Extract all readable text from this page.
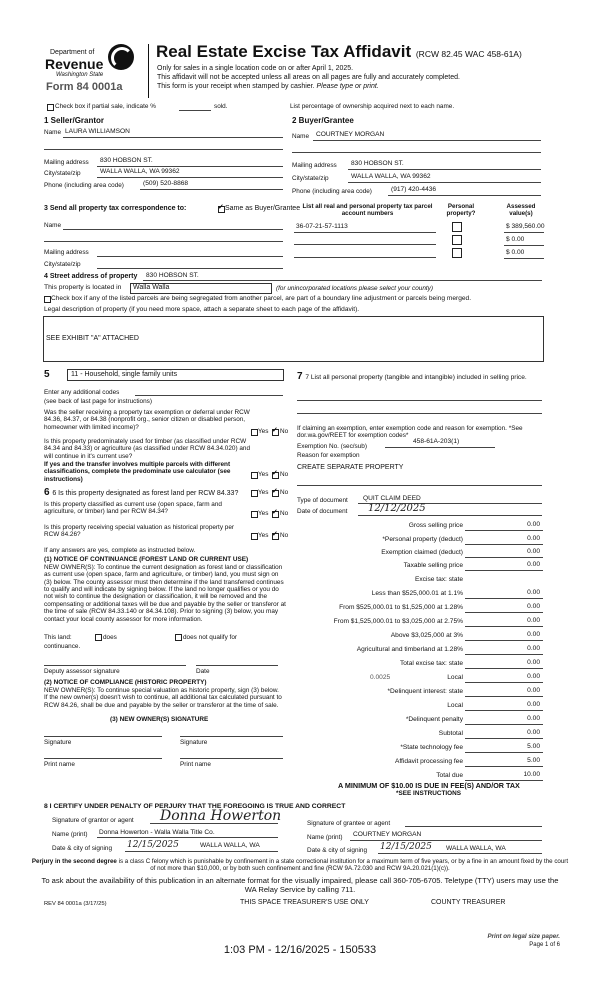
Department of
Revenue
Washington State
Form 84 0001a
Real Estate Excise Tax Affidavit (RCW 82.45 WAC 458-61A)
Only for sales in a single location code on or after April 1, 2025.
This affidavit will not be accepted unless all areas on all pages are fully and accurately completed.
This form is your receipt when stamped by cashier. Please type or print.
Check box if partial sale, indicate %	sold.	List percentage of ownership acquired next to each name.
1 Seller/Grantor
Name LAURA WILLIAMSON
Mailing address 830 HOBSON ST.
City/state/zip	WALLA WALLA, WA 99362
Phone (including area code)	(509) 520-8868
2 Buyer/Grantee
Name COURTNEY MORGAN
Mailing address 830 HOBSON ST.
City/state/zip	WALLA WALLA, WA 99362
Phone (including area code)	(917) 420-4436
3 Send all property tax correspondence to: ✓	Same as Buyer/Grantee
Name
Mailing address
City/state/zip
List all real and personal property tax parcel account numbers
Personal property?
Assessed value(s)
36-07-21-57-1113	$ 389,560.00
$ 0.00
$ 0.00
4 Street address of property 830 HOBSON ST.
This property is located in Walla Walla	(for unincorporated locations please select your county)
Check box if any of the listed parcels are being segregated from another parcel, are part of a boundary line adjustment or parcels being merged.
Legal description of property (if you need more space, attach a separate sheet to each page of the affidavit).
SEE EXHIBIT "A" ATTACHED
5	11 - Household, single family units
Enter any additional codes
(see back of last page for instructions)
Was the seller receiving a property tax exemption or deferral under RCW 84.36, 84.37, or 84.38 (nonprofit org., senior citizen or disabled person, homeowner with limited income)?
Yes ✓ No
Is this property predominately used for timber (as classified under RCW 84.34 and 84.33) or agriculture (as classified under RCW 84.34.020) and will continue in it's current use?
If yes and the transfer involves multiple parcels with different classifications, complete the predominate use calculator (see instructions)
Yes ✓ No
6 6 Is this property designated as forest land per RCW 84.33?	Yes ✓ No
Is this property classified as current use (open space, farm and agriculture, or timber) land per RCW 84.34?	Yes ✓ No
Is this property receiving special valuation as historical property per RCW 84.26?	Yes ✓ No
If any answers are yes, complete as instructed below.
(1) NOTICE OF CONTINUANCE (FOREST LAND OR CURRENT USE)
NEW OWNER(S): To continue the current designation as forest land or classification as current use (open space, farm and agriculture, or timber) land, you must sign on (3) below. The county assessor must then determine if the land transferred continues to qualify and will indicate by signing below. If the land no longer qualifies or you do not wish to continue the designation or classification, it will be removed and the compensating or additional taxes will be due and payable by the seller or transferor at the time of sale (RCW 84.33.140 or 84.34.108). Prior to signing (3) below, you may contact your local county assessor for more information.
This land:	does	does not qualify for
continuance.
Deputy assessor signature	Date
(2) NOTICE OF COMPLIANCE (HISTORIC PROPERTY)
NEW OWNER(S): To continue special valuation as historic property, sign (3) below. If the new owner(s) doesn't wish to continue, all additional tax calculated pursuant to RCW 84.26, shall be due and payable by the seller or transferor at the time of sale.
(3) NEW OWNER(S) SIGNATURE
Signature	Signature
Print name	Print name
7 7 List all personal property (tangible and intangible) included in selling price.
If claiming an exemption, enter exemption code and reason for exemption. *See dor.wa.gov/REET for exemption codes*
Exemption No. (sec/sub)
458-61A-203(1)
Reason for exemption
CREATE SEPARATE PROPERTY
Type of document QUIT CLAIM DEED
Date of document 12/12/2025
Gross selling price	0.00
*Personal property (deduct)	0.00
Exemption claimed (deduct)	0.00
Taxable selling price	0.00
Excise tax: state
Less than $525,000.01 at 1.1%	0.00
From $525,000.01 to $1,525,000 at 1.28%	0.00
From $1,525,000.01 to $3,025,000 at 2.75%	0.00
Above $3,025,000 at 3%	0.00
Agricultural and timberland at 1.28%	0.00
Total excise tax: state	0.00
Local	0.00
0.0025
*Delinquent interest: state	0.00
Local	0.00
*Delinquent penalty	0.00
Subtotal	0.00
*State technology fee	5.00
Affidavit processing fee	5.00
Total due	10.00
A MINIMUM OF $10.00 IS DUE IN FEE(S) AND/OR TAX
*SEE INSTRUCTIONS
8 I CERTIFY UNDER PENALTY OF PERJURY THAT THE FOREGOING IS TRUE AND CORRECT
Signature of grantor or agent Donna Howerton
Name (print) Donna Howerton - Walla Walla Title Co.
Date & city of signing 12/15/2025	WALLA WALLA, WA
Signature of grantee or agent
Name (print) COURTNEY MORGAN
Date & city of signing 12/15/2025 WALLA WALLA, WA
Perjury in the second degree is a class C felony which is punishable by confinement in a state correctional institution for a maximum term of five years, or by a fine in an amount fixed by the court of not more than $10,000, or by both such confinement and fine (RCW 9A.72.030 and RCW 9A.20.021(1)(c)).
To ask about the availability of this publication in an alternate format for the visually impaired, please call 360-705-6705. Teletype (TTY) users may use the WA Relay Service by calling 711.
REV 84 0001a (3/17/25)	THIS SPACE TREASURER'S USE ONLY	COUNTY TREASURER
Print on legal size paper.
Page 1 of 6
1:03 PM - 12/16/2025 - 150533
